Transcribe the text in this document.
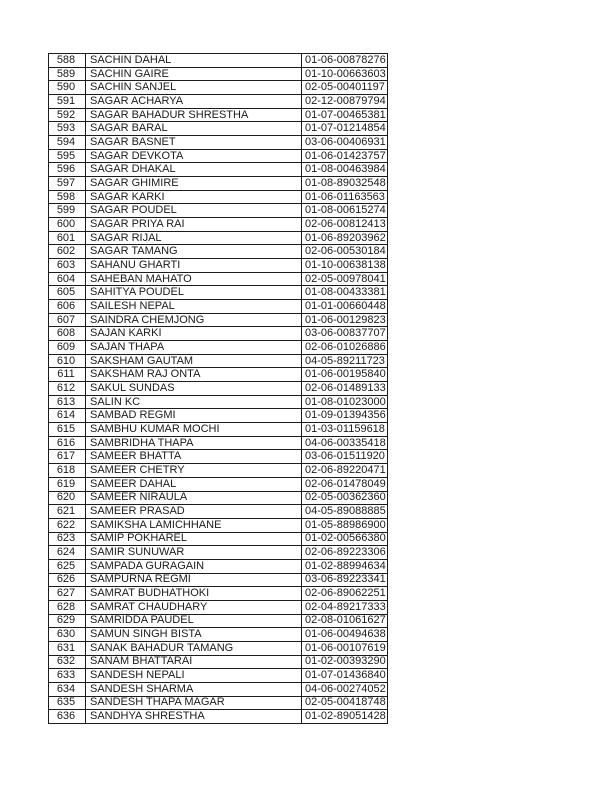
588	SACHIN DAHAL	01-06-00878276
589	SACHIN GAIRE	01-10-00663603
590	SACHIN SANJEL	02-05-00401197
591	SAGAR ACHARYA	02-12-00879794
592	SAGAR BAHADUR SHRESTHA	01-07-00465381
593	SAGAR BARAL	01-07-01214854
594	SAGAR BASNET	03-06-00406931
595	SAGAR DEVKOTA	01-06-01423757
596	SAGAR DHAKAL	01-08-00463984
597	SAGAR GHIMIRE	01-08-89032548
598	SAGAR KARKI	01-06-01163563
599	SAGAR POUDEL	01-08-00615274
600	SAGAR PRIYA RAI	02-06-00812413
601	SAGAR RIJAL	01-06-89203962
602	SAGAR TAMANG	02-06-00530184
603	SAHANU GHARTI	01-10-00638138
604	SAHEBAN MAHATO	02-05-00978041
605	SAHITYA POUDEL	01-08-00433381
606	SAILESH NEPAL	01-01-00660448
607	SAINDRA CHEMJONG	01-06-00129823
608	SAJAN KARKI	03-06-00837707
609	SAJAN THAPA	02-06-01026886
610	SAKSHAM GAUTAM	04-05-89211723
611	SAKSHAM RAJ ONTA	01-06-00195840
612	SAKUL SUNDAS	02-06-01489133
613	SALIN KC	01-08-01023000
614	SAMBAD REGMI	01-09-01394356
615	SAMBHU KUMAR MOCHI	01-03-01159618
616	SAMBRIDHA THAPA	04-06-00335418
617	SAMEER BHATTA	03-06-01511920
618	SAMEER CHETRY	02-06-89220471
619	SAMEER DAHAL	02-06-01478049
620	SAMEER NIRAULA	02-05-00362360
621	SAMEER PRASAD	04-05-89088885
622	SAMIKSHA LAMICHHANE	01-05-88986900
623	SAMIP POKHAREL	01-02-00566380
624	SAMIR SUNUWAR	02-06-89223306
625	SAMPADA GURAGAIN	01-02-88994634
626	SAMPURNA REGMI	03-06-89223341
627	SAMRAT BUDHATHOKI	02-06-89062251
628	SAMRAT CHAUDHARY	02-04-89217333
629	SAMRIDDA PAUDEL	02-08-01061627
630	SAMUN SINGH BISTA	01-06-00494638
631	SANAK BAHADUR TAMANG	01-06-00107619
632	SANAM BHATTARAI	01-02-00393290
633	SANDESH NEPALI	01-07-01436840
634	SANDESH SHARMA	04-06-00274052
635	SANDESH THAPA MAGAR	02-05-00418748
636	SANDHYA SHRESTHA	01-02-89051428
